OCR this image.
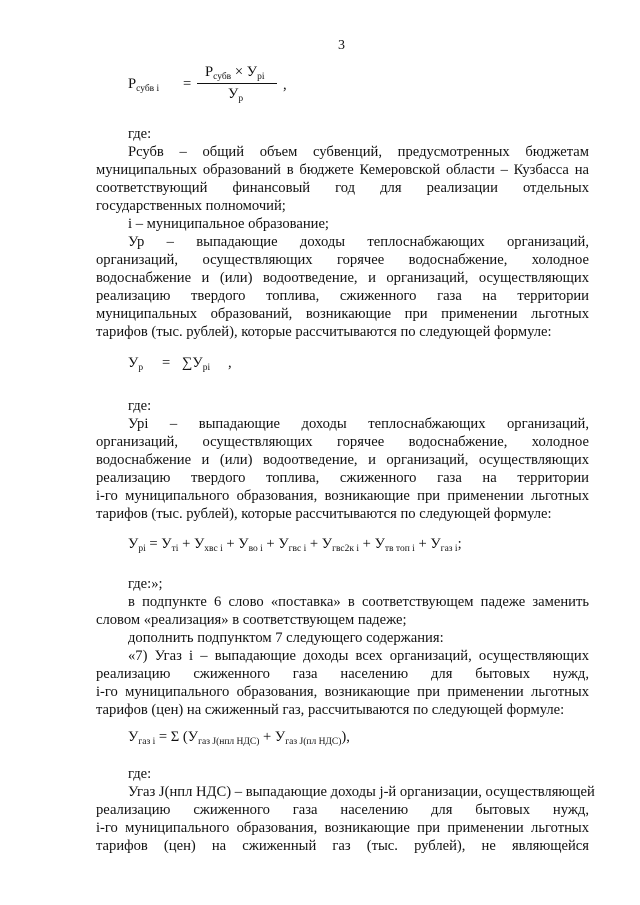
3
$P_{субв i}$ =
$P_{субв} \times У_{pi}$
$У_p$
,
где:
Рсубв – общий объем субвенций, предусмотренных бюджетам
муниципальных образований в бюджете Кемеровской области – Кузбасса на
соответствующий финансовый год для реализации отдельных
государственных полномочий;
i – муниципальное образование;
Ур – выпадающие доходы теплоснабжающих организаций,
организаций, осуществляющих горячее водоснабжение, холодное
водоснабжение и (или) водоотведение, и организаций, осуществляющих
реализацию твердого топлива, сжиженного газа на территории
муниципальных образований, возникающие при применении льготных
тарифов (тыс. рублей), которые рассчитываются по следующей формуле:
$У_р = \sum У_{рi}$ ,
где:
Урi – выпадающие доходы теплоснабжающих организаций,
организаций, осуществляющих горячее водоснабжение, холодное
водоснабжение и (или) водоотведение, и организаций, осуществляющих
реализацию твердого топлива, сжиженного газа на территории
i-го муниципального образования, возникающие при применении льготных
тарифов (тыс. рублей), которые рассчитываются по следующей формуле:
$У_{рi} = У_{тi} + У_{хвс i} + У_{во i} + У_{гвс i} + У_{гвс2к i} + У_{тв топ i} + У_{газ i}$;
где:»;
в подпункте 6 слово «поставка» в соответствующем падеже заменить
словом «реализация» в соответствующем падеже;
дополнить подпунктом 7 следующего содержания:
«7) Угаз i – выпадающие доходы всех организаций, осуществляющих
реализацию сжиженного газа населению для бытовых нужд,
i-го муниципального образования, возникающие при применении льготных
тарифов (цен) на сжиженный газ, рассчитываются по следующей формуле:
$У_{газ i} = \Sigma$ $(У_{газ J(нпл НДС)} + У_{газ J(пл НДС)})$,
где:
Угаз J(нпл НДС) – выпадающие доходы j-й организации, осуществляющей
реализацию сжиженного газа населению для бытовых нужд,
i-го муниципального образования, возникающие при применении льготных
тарифов (цен) на сжиженный газ (тыс. рублей), не являющейся
